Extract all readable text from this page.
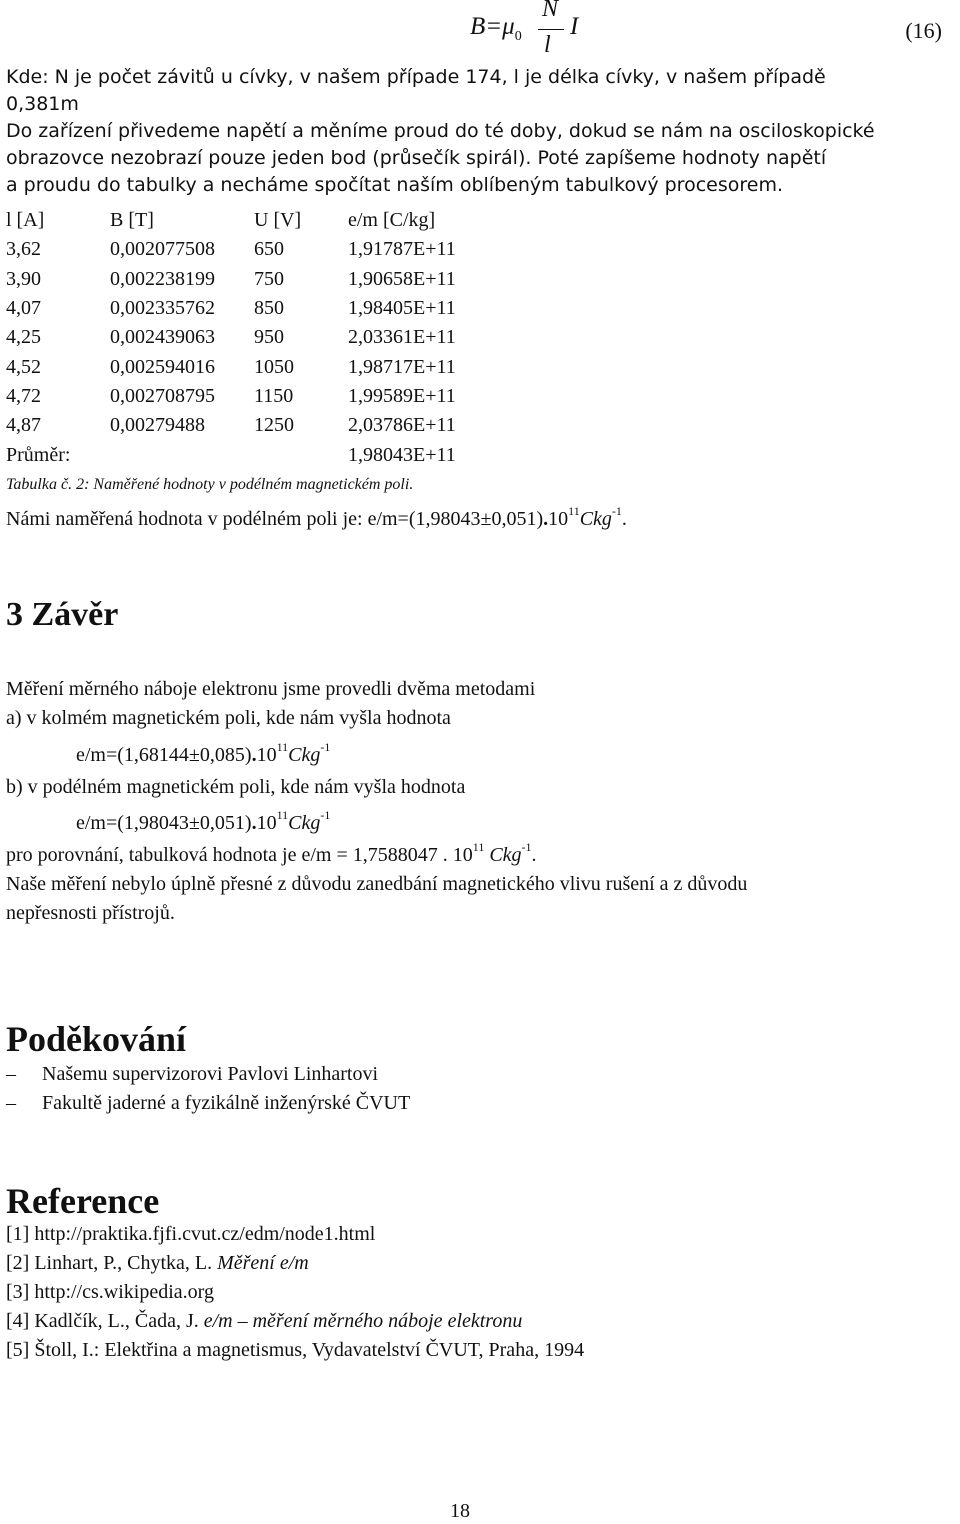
$B=\mu_0$
N
l
I	(16)
Kde: N je počet závitů u cívky, v našem případe 174, l je délka cívky, v našem případě
0,381m
Do zařízení přivedeme napětí a měníme proud do té doby, dokud se nám na osciloskopické
obrazovce nezobrazí pouze jeden bod (průsečík spirál). Poté zapíšeme hodnoty napětí
a proudu do tabulky a necháme spočítat naším oblíbeným tabulkový procesorem.
l [A]	B [T]	U [V]	e/m [C/kg]
3,62	0,002077508	650	1,91787E+11
3,90	0,002238199	750	1,90658E+11
4,07	0,002335762	850	1,98405E+11
4,25	0,002439063	950	2,03361E+11
4,52	0,002594016	1050	1,98717E+11
4,72	0,002708795	1150	1,99589E+11
4,87	0,00279488	1250	2,03786E+11
Průměr:			1,98043E+11
Tabulka č. 2: Naměřené hodnoty v podélném magnetickém poli.
Námi naměřená hodnota v podélném poli je: $e/m=(1,98043\pm 0,051).10^{11}Ckg^{-1}$.
3 Závěr
Měření měrného náboje elektronu jsme provedli dvěma metodami
a) v kolmém magnetickém poli, kde nám vyšla hodnota
$e/m=(1,68144\pm 0,085).10^{11}Ckg^{-1}$
b) v podélném magnetickém poli, kde nám vyšla hodnota
$e/m=(1,98043\pm 0,051).10^{11}Ckg^{-1}$
pro porovnání, tabulková hodnota je e/m = 1,7588047 . $10^{11}$ Ckg$^{-1}$.
Naše měření nebylo úplně přesné z důvodu zanedbání magnetického vlivu rušení a z důvodu
nepřesnosti přístrojů.
Poděkování
– Našemu supervizorovi Pavlovi Linhartovi
– Fakultě jaderné a fyzikálně inženýrské ČVUT
Reference
[1] http://praktika.fjfi.cvut.cz/edm/node1.html
[2] Linhart, P., Chytka, L. Měření e/m
[3] http://cs.wikipedia.org
[4] Kadlčík, L., Čada, J. e/m – měření měrného náboje elektronu
[5] Štoll, I.: Elektřina a magnetismus, Vydavatelství ČVUT, Praha, 1994
18
